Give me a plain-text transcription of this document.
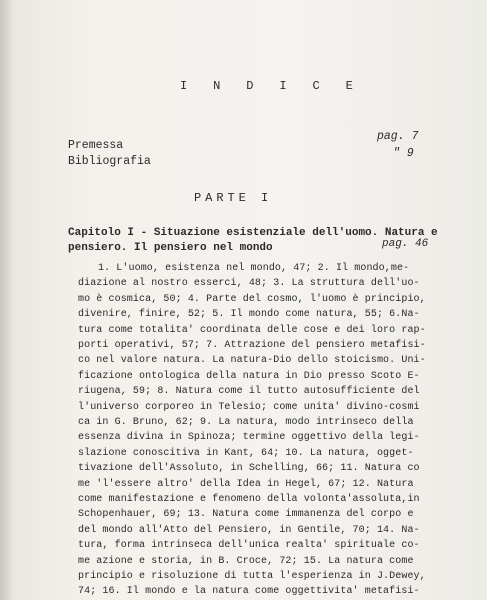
I N D I C E
Premessa
pag. 7
Bibliografia
" 9
PARTE I
Capitolo I - Situazione esistenziale dell'uomo. Natura e
pensiero. Il pensiero nel mondo	pag. 46
1. L'uomo, esistenza nel mondo, 47; 2. Il mondo,me-
diazione al nostro esserci, 48; 3. La struttura dell'uo-
mo è cosmica, 50; 4. Parte del cosmo, l'uomo è principio,
divenire, finire, 52; 5. Il mondo come natura, 55; 6.Na-
tura come totalita' coordinata delle cose e dei loro rap-
porti operativi, 57; 7. Attrazione del pensiero metafisi-
co nel valore natura. La natura-Dio dello stoicismo. Uni-
ficazione ontologica della natura in Dio presso Scoto E-
riugena, 59; 8. Natura come il tutto autosufficiente del
l'universo corporeo in Telesio; come unita' divino-cosmi
ca in G. Bruno, 62; 9. La natura, modo intrinseco della
essenza divina in Spinoza; termine oggettivo della legi-
slazione conoscitiva in Kant, 64; 10. La natura, ogget-
tivazione dell'Assoluto, in Schelling, 66; 11. Natura co
me 'l'essere altro' della Idea in Hegel, 67; 12. Natura
come manifestazione e fenomeno della volonta'assoluta,in
Schopenhauer, 69; 13. Natura come immanenza del corpo e
del mondo all'Atto del Pensiero, in Gentile, 70; 14. Na-
tura, forma intrinseca dell'unica realta' spirituale co-
me azione e storia, in B. Croce, 72; 15. La natura come
principio e risoluzione di tutta l'esperienza in J.Dewey,
74; 16. Il mondo e la natura come oggettivita' metafisi-
